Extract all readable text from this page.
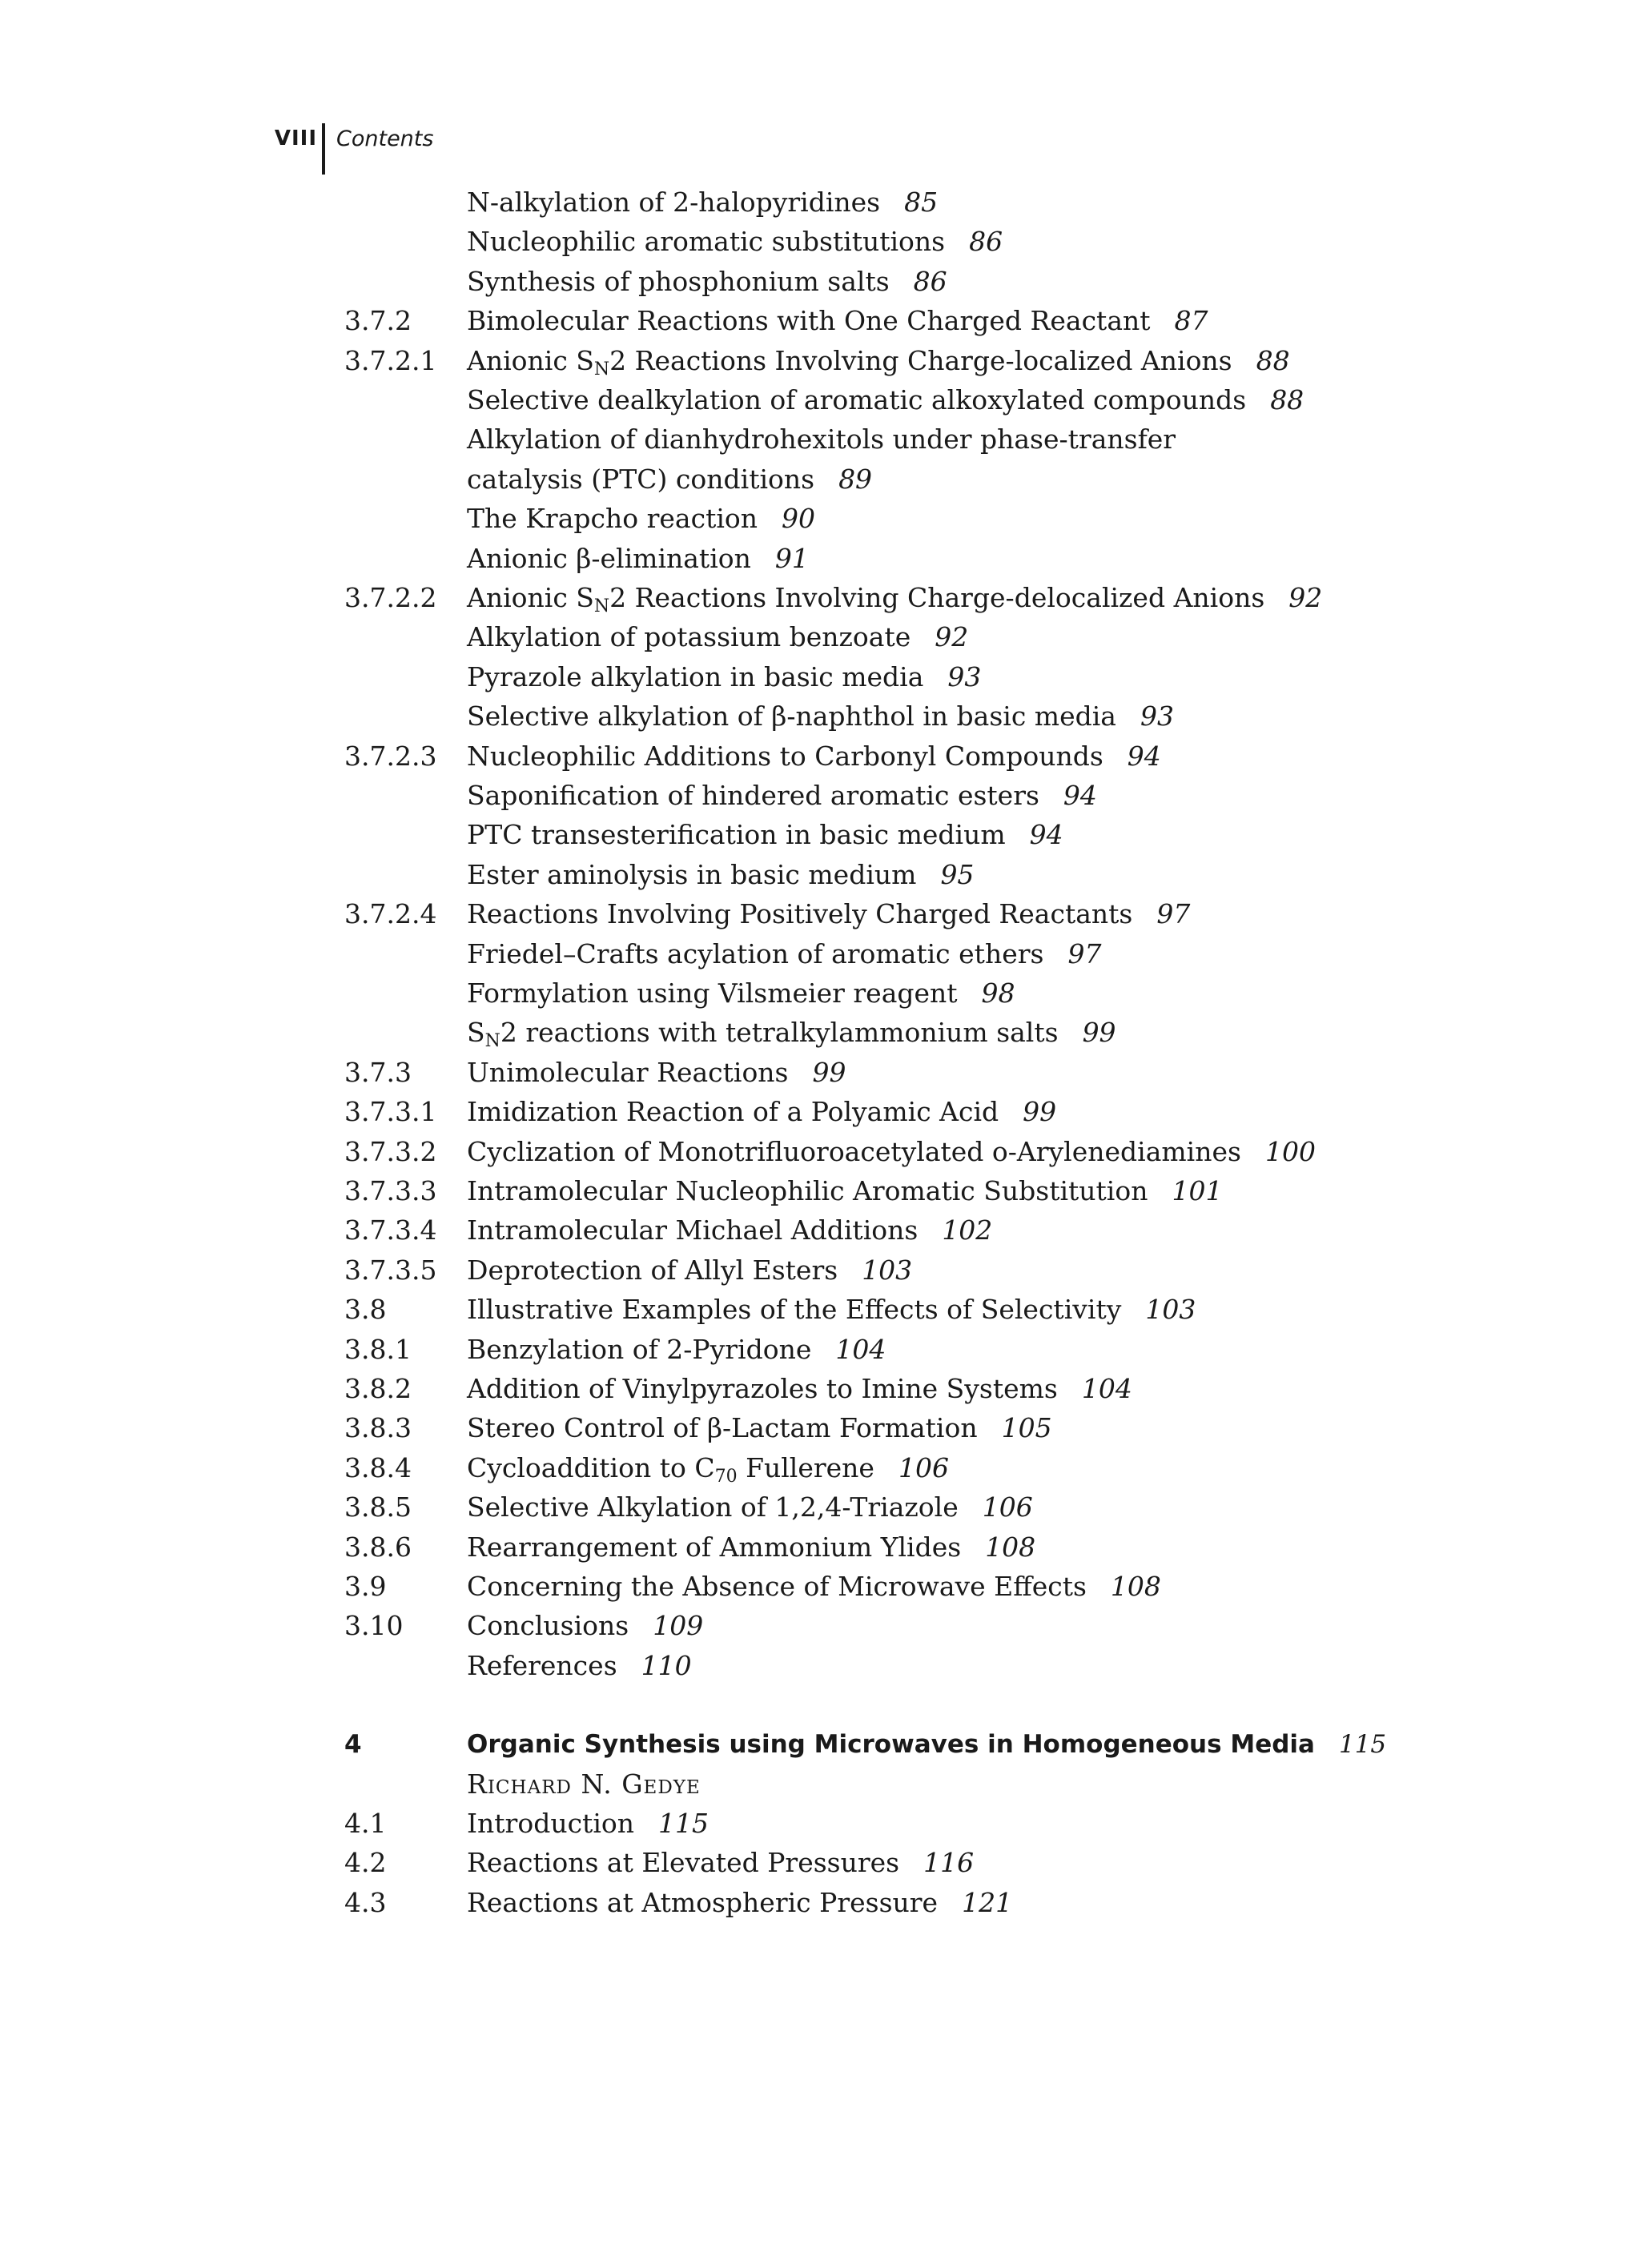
VIII Contents
N-alkylation of 2-halopyridines 85
Nucleophilic aromatic substitutions 86
Synthesis of phosphonium salts 86
3.7.2 Bimolecular Reactions with One Charged Reactant 87
3.7.2.1 Anionic $S_N2$ Reactions Involving Charge-localized Anions 88
Selective dealkylation of aromatic alkoxylated compounds 88
Alkylation of dianhydrohexitols under phase-transfer
catalysis (PTC) conditions 89
The Krapcho reaction 90
Anionic β-elimination 91
3.7.2.2 Anionic $S_N2$ Reactions Involving Charge-delocalized Anions 92
Alkylation of potassium benzoate 92
Pyrazole alkylation in basic media 93
Selective alkylation of β-naphthol in basic media 93
3.7.2.3 Nucleophilic Additions to Carbonyl Compounds 94
Saponification of hindered aromatic esters 94
PTC transesterification in basic medium 94
Ester aminolysis in basic medium 95
3.7.2.4 Reactions Involving Positively Charged Reactants 97
Friedel–Crafts acylation of aromatic ethers 97
Formylation using Vilsmeier reagent 98
$S_N2$ reactions with tetralkylammonium salts 99
3.7.3 Unimolecular Reactions 99
3.7.3.1 Imidization Reaction of a Polyamic Acid 99
3.7.3.2 Cyclization of Monotrifluoroacetylated o-Arylenediamines 100
3.7.3.3 Intramolecular Nucleophilic Aromatic Substitution 101
3.7.3.4 Intramolecular Michael Additions 102
3.7.3.5 Deprotection of Allyl Esters 103
3.8	Illustrative Examples of the Effects of Selectivity 103
3.8.1 Benzylation of 2-Pyridone 104
3.8.2 Addition of Vinylpyrazoles to Imine Systems 104
3.8.3 Stereo Control of β-Lactam Formation 105
3.8.4 Cycloaddition to $C_{70}$ Fullerene 106
3.8.5 Selective Alkylation of 1,2,4-Triazole 106
3.8.6 Rearrangement of Ammonium Ylides 108
3.9	Concerning the Absence of Microwave Effects 108
3.10 Conclusions 109
References 110
4	Organic Synthesis using Microwaves in Homogeneous Media 115
Richard N. Gedye
4.1	Introduction 115
4.2	Reactions at Elevated Pressures 116
4.3	Reactions at Atmospheric Pressure 121
